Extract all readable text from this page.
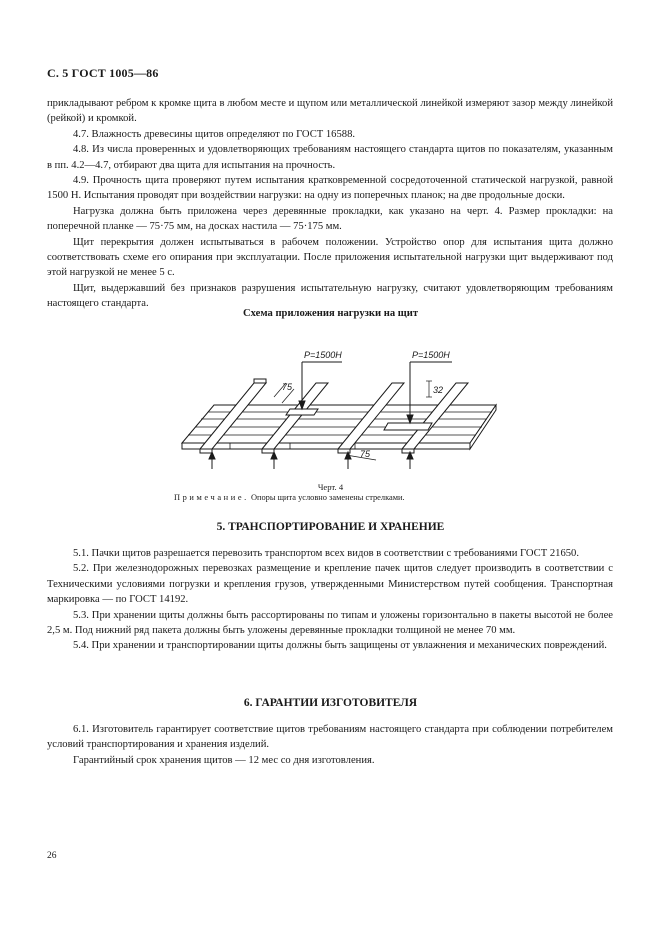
С. 5 ГОСТ 1005—86

прикладывают ребром к кромке щита в любом месте и щупом или металлической линейкой измеряют зазор между линейкой (рейкой) и кромкой.

4.7. Влажность древесины щитов определяют по ГОСТ 16588.

4.8. Из числа проверенных и удовлетворяющих требованиям настоящего стандарта щитов по показателям, указанным в пп. 4.2—4.7, отбирают два щита для испытания на прочность.

4.9. Прочность щита проверяют путем испытания кратковременной сосредоточенной статической нагрузкой, равной 1500 Н. Испытания проводят при воздействии нагрузки: на одну из поперечных планок; на две продольные доски.

Нагрузка должна быть приложена через деревянные прокладки, как указано на черт. 4. Размер прокладки: на поперечной планке — 75·75 мм, на досках настила — 75·175 мм.

Щит перекрытия должен испытываться в рабочем положении. Устройство опор для испытания щита должно соответствовать схеме его опирания при эксплуатации. После приложения испытательной нагрузки щит выдерживают под этой нагрузкой не менее 5 с.

Щит, выдержавший без признаков разрушения испытательную нагрузку, считают удовлетворяющим требованиям настоящего стандарта.

Схема приложения нагрузки на щит
Р=1500Н	Р=1500Н
75	32
75
Черт. 4
Примечание. Опоры щита условно заменены стрелками.
5. ТРАНСПОРТИРОВАНИЕ И ХРАНЕНИЕ

5.1. Пачки щитов разрешается перевозить транспортом всех видов в соответствии с требованиями ГОСТ 21650.

5.2. При железнодорожных перевозках размещение и крепление пачек щитов следует производить в соответствии с Техническими условиями погрузки и крепления грузов, утвержденными Министерством путей сообщения. Транспортная маркировка — по ГОСТ 14192.

5.3. При хранении щиты должны быть рассортированы по типам и уложены горизонтально в пакеты высотой не более 2,5 м. Под нижний ряд пакета должны быть уложены деревянные прокладки толщиной не менее 70 мм.

5.4. При хранении и транспортировании щиты должны быть защищены от увлажнения и механических повреждений.

6. ГАРАНТИИ ИЗГОТОВИТЕЛЯ

6.1. Изготовитель гарантирует соответствие щитов требованиям настоящего стандарта при соблюдении потребителем условий транспортирования и хранения изделий.

Гарантийный срок хранения щитов — 12 мес со дня изготовления.

26
